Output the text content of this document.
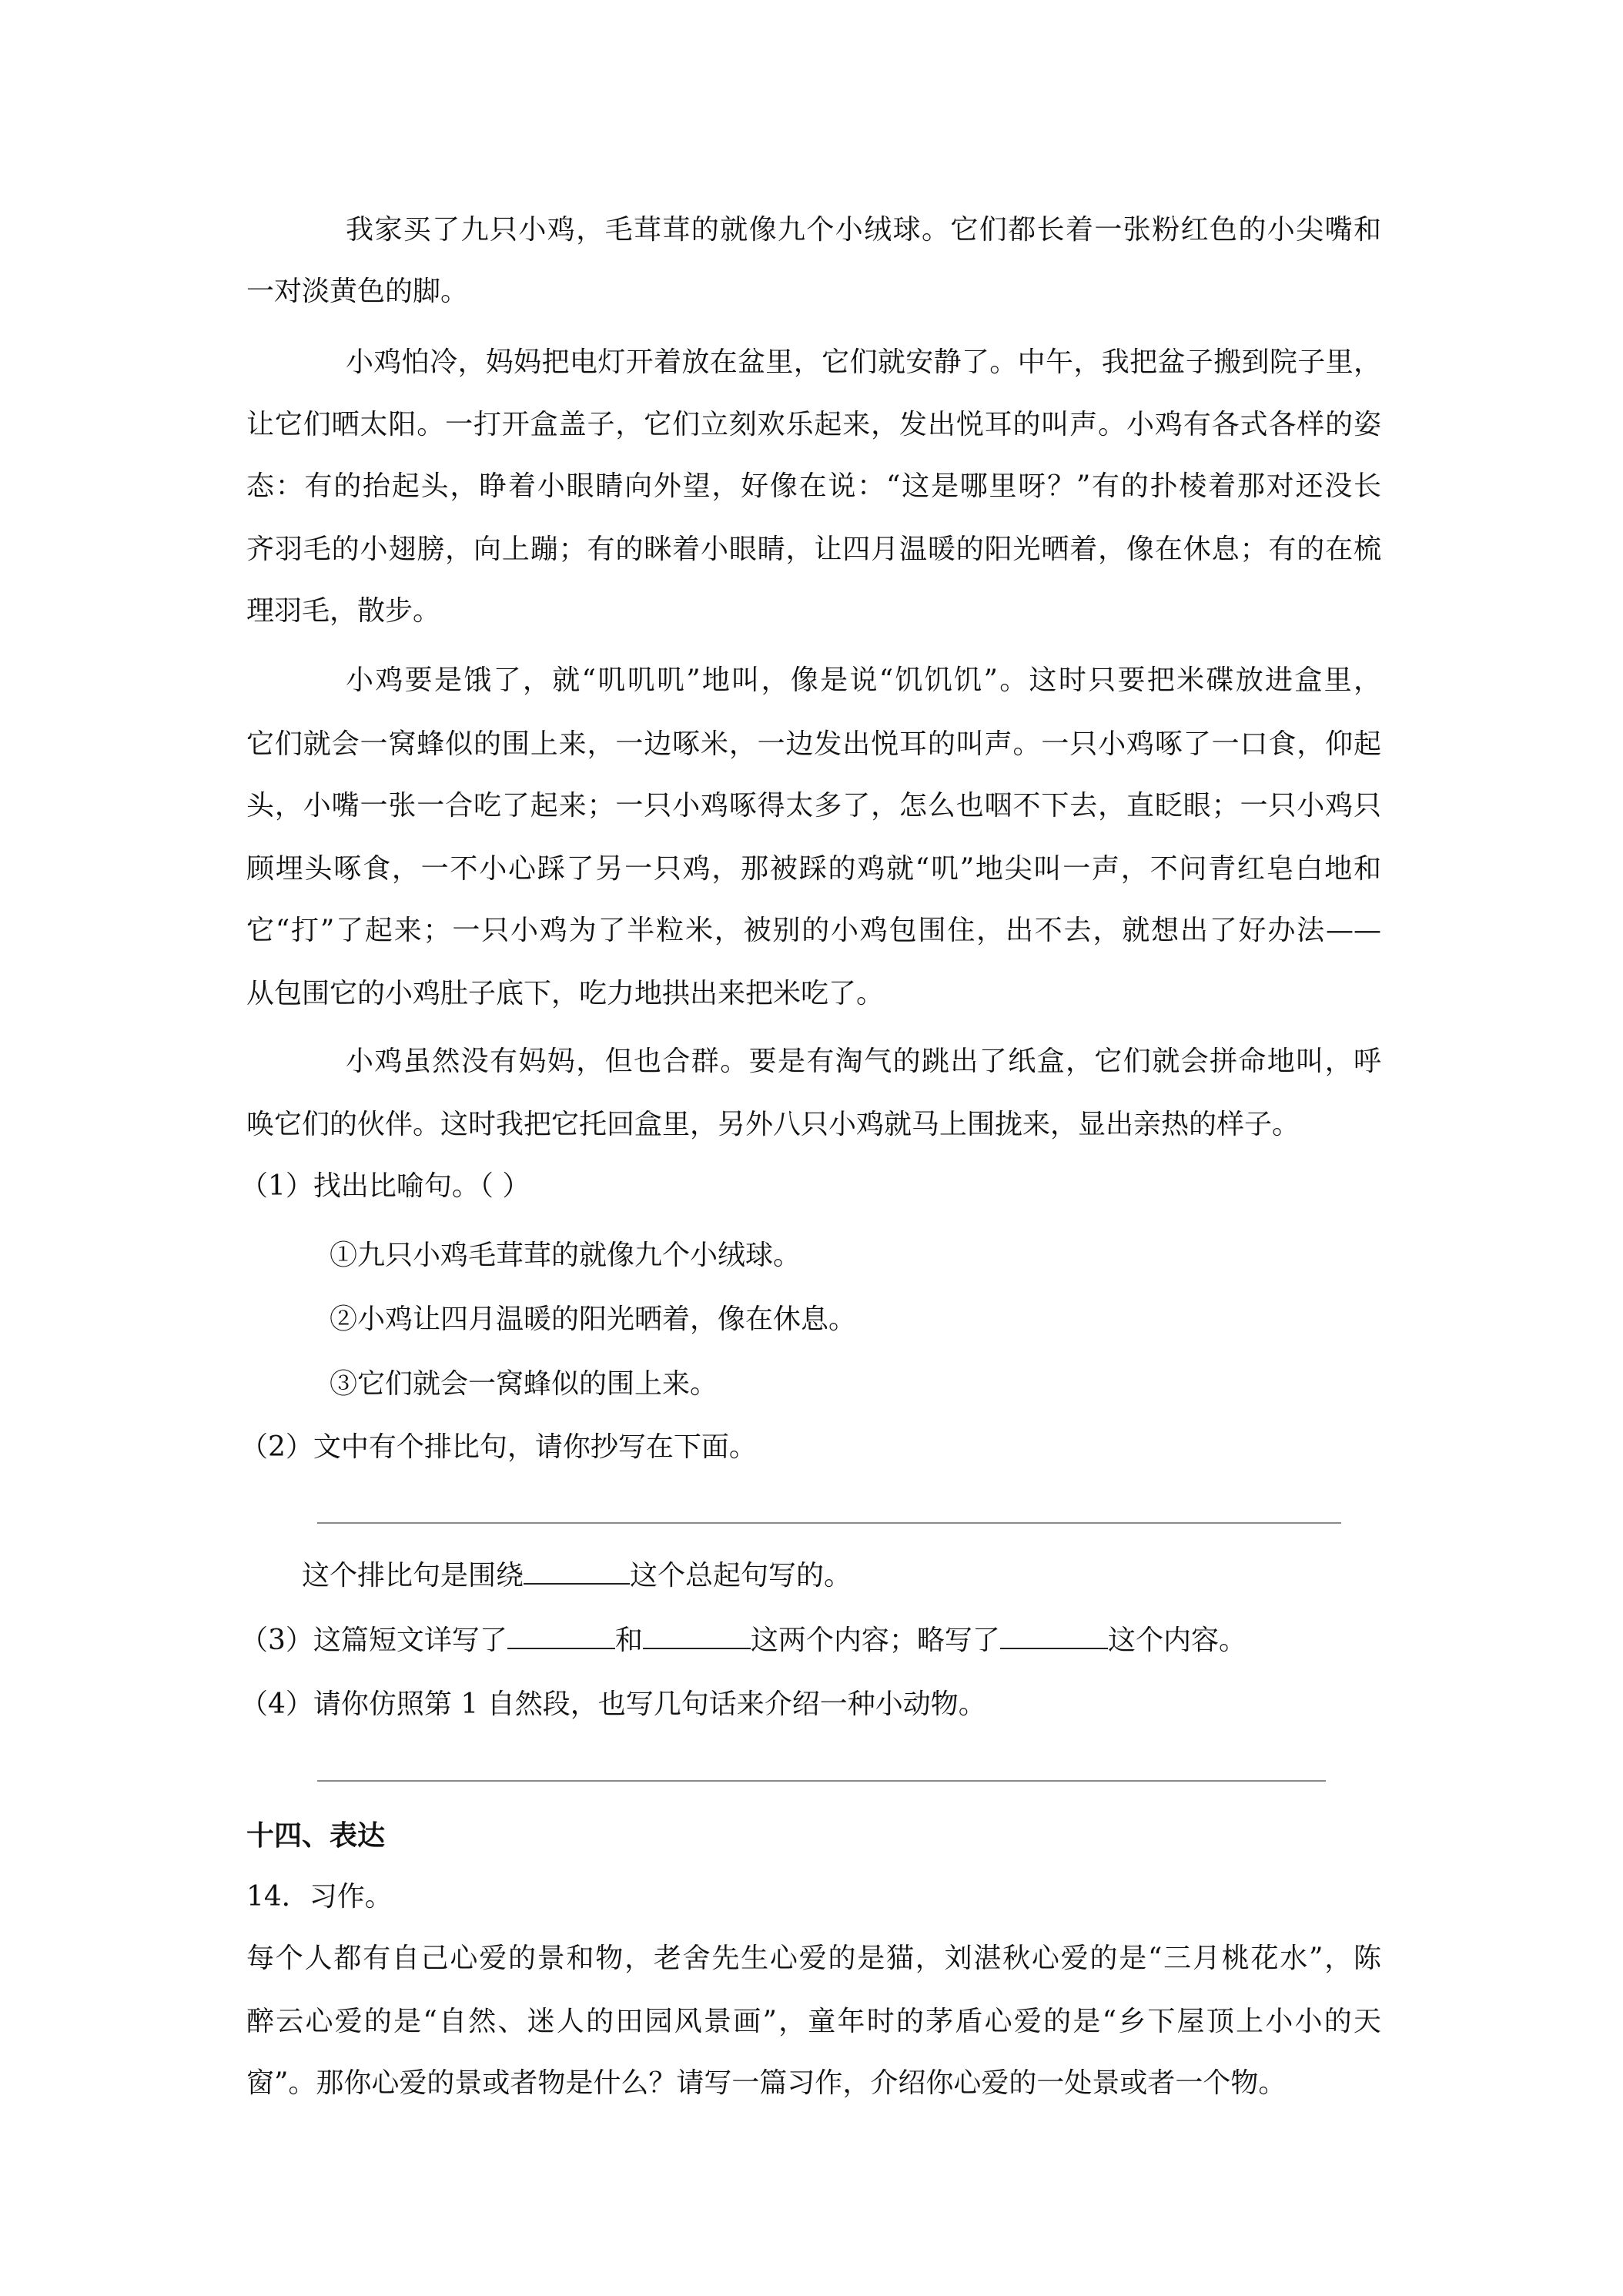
我家买了九只小鸡，毛茸茸的就像九个小绒球。它们都长着一张粉红色的小尖嘴和
一对淡黄色的脚。
小鸡怕冷，妈妈把电灯开着放在盆里，它们就安静了。中午，我把盆子搬到院子里，
让它们晒太阳。一打开盒盖子，它们立刻欢乐起来，发出悦耳的叫声。小鸡有各式各样的姿
态：有的抬起头，睁着小眼睛向外望，好像在说：“这是哪里呀？”有的扑棱着那对还没长
齐羽毛的小翅膀，向上蹦；有的眯着小眼睛，让四月温暖的阳光晒着，像在休息；有的在梳
理羽毛，散步。
小鸡要是饿了，就“叽叽叽”地叫，像是说“饥饥饥”。这时只要把米碟放进盒里，
它们就会一窝蜂似的围上来，一边啄米，一边发出悦耳的叫声。一只小鸡啄了一口食，仰起
头，小嘴一张一合吃了起来；一只小鸡啄得太多了，怎么也咽不下去，直眨眼；一只小鸡只
顾埋头啄食，一不小心踩了另一只鸡，那被踩的鸡就“叽”地尖叫一声，不问青红皂白地和
它“打”了起来；一只小鸡为了半粒米，被别的小鸡包围住，出不去，就想出了好办法——
从包围它的小鸡肚子底下，吃力地拱出来把米吃了。
小鸡虽然没有妈妈，但也合群。要是有淘气的跳出了纸盒，它们就会拼命地叫，呼
唤它们的伙伴。这时我把它托回盒里，另外八只小鸡就马上围拢来，显出亲热的样子。
（1）找出比喻句。（ ）
①九只小鸡毛茸茸的就像九个小绒球。
②小鸡让四月温暖的阳光晒着，像在休息。
③它们就会一窝蜂似的围上来。
（2）文中有个排比句，请你抄写在下面。
这个排比句是围绕	这个总起句写的。
（3）这篇短文详写了	和	这两个内容；略写了	这个内容。
（4）请你仿照第 1 自然段，也写几句话来介绍一种小动物。
十四、表达
14．习作。
每个人都有自己心爱的景和物，老舍先生心爱的是猫，刘湛秋心爱的是“三月桃花水”，陈
醉云心爱的是“自然、迷人的田园风景画”，童年时的茅盾心爱的是“乡下屋顶上小小的天
窗”。那你心爱的景或者物是什么？请写一篇习作，介绍你心爱的一处景或者一个物。
